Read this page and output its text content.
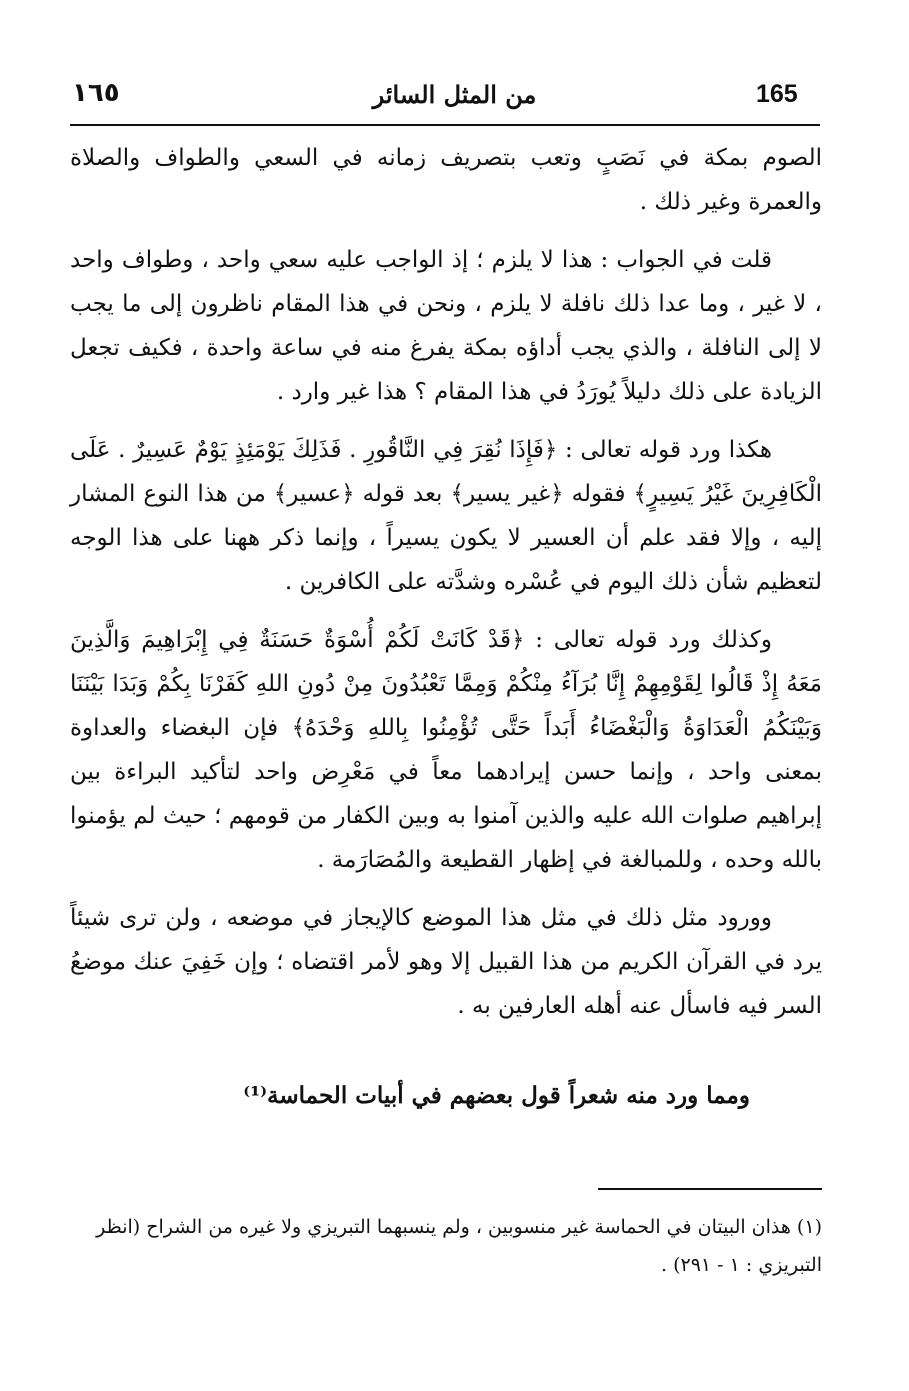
١٦٥	من المثل السائر	165

الصوم بمكة في نَصَبٍ وتعب بتصريف زمانه في السعي والطواف والصلاة والعمرة وغير ذلك .

قلت في الجواب : هذا لا يلزم ؛ إذ الواجب عليه سعي واحد ، وطواف واحد ، لا غير ، وما عدا ذلك نافلة لا يلزم ، ونحن في هذا المقام ناظرون إلى ما يجب لا إلى النافلة ، والذي يجب أداؤه بمكة يفرغ منه في ساعة واحدة ، فكيف تجعل الزيادة على ذلك دليلاً يُورَدُ في هذا المقام ؟ هذا غير وارد .

هكذا ورد قوله تعالى : ﴿فَإِذَا نُقِرَ فِي النَّاقُورِ . فَذَلِكَ يَوْمَئِذٍ يَوْمٌ عَسِيرٌ . عَلَى الْكَافِرِينَ غَيْرُ يَسِيرٍ﴾ فقوله ﴿غير يسير﴾ بعد قوله ﴿عسير﴾ من هذا النوع المشار إليه ، وإلا فقد علم أن العسير لا يكون يسيراً ، وإنما ذكر ههنا على هذا الوجه لتعظيم شأن ذلك اليوم في عُسْره وشدَّته على الكافرين .

وكذلك ورد قوله تعالى : ﴿قَدْ كَانَتْ لَكُمْ أُسْوَةٌ حَسَنَةٌ فِي إِبْرَاهِيمَ وَالَّذِينَ مَعَهُ إِذْ قَالُوا لِقَوْمِهِمْ إِنَّا بُرَآءُ مِنْكُمْ وَمِمَّا تَعْبُدُونَ مِنْ دُونِ اللهِ كَفَرْنَا بِكُمْ وَبَدَا بَيْنَنَا وَبَيْنَكُمُ الْعَدَاوَةُ وَالْبَغْضَاءُ أَبَداً حَتَّى تُؤْمِنُوا بِاللهِ وَحْدَهُ﴾ فإن البغضاء والعداوة بمعنى واحد ، وإنما حسن إيرادهما معاً في مَعْرِض واحد لتأكيد البراءة بين إبراهيم صلوات الله عليه والذين آمنوا به وبين الكفار من قومهم ؛ حيث لم يؤمنوا بالله وحده ، وللمبالغة في إظهار القطيعة والمُصَارَمة .

وورود مثل ذلك في مثل هذا الموضع كالإيجاز في موضعه ، ولن ترى شيئاً يرد في القرآن الكريم من هذا القبيل إلا وهو لأمر اقتضاه ؛ وإن خَفِيَ عنك موضعُ السر فيه فاسأل عنه أهله العارفين به .

ومما ورد منه شعراً قول بعضهم في أبيات الحماسة⁽¹⁾

(١) هذان البيتان في الحماسة غير منسوبين ، ولم ينسبهما التبريزي ولا غيره من الشراح (انظر

التبريزي : ١ - ٢٩١) .
